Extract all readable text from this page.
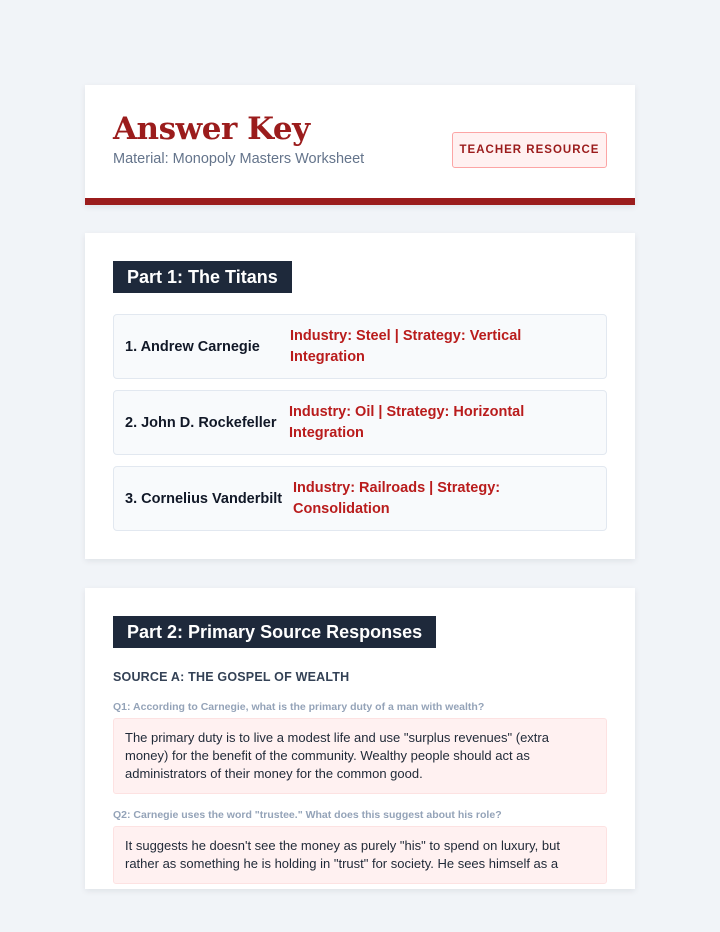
Answer Key
Material: Monopoly Masters Worksheet
TEACHER RESOURCE
Part 1: The Titans
1. Andrew Carnegie
Industry: Steel | Strategy: Vertical Integration
2. John D. Rockefeller
Industry: Oil | Strategy: Horizontal Integration
3. Cornelius Vanderbilt
Industry: Railroads | Strategy: Consolidation
Part 2: Primary Source Responses
SOURCE A: THE GOSPEL OF WEALTH
Q1: According to Carnegie, what is the primary duty of a man with wealth?
The primary duty is to live a modest life and use "surplus revenues" (extra money) for the benefit of the community. Wealthy people should act as administrators of their money for the common good.
Q2: Carnegie uses the word "trustee." What does this suggest about his role?
It suggests he doesn't see the money as purely "his" to spend on luxury, but rather as something he is holding in "trust" for society. He sees himself as a
